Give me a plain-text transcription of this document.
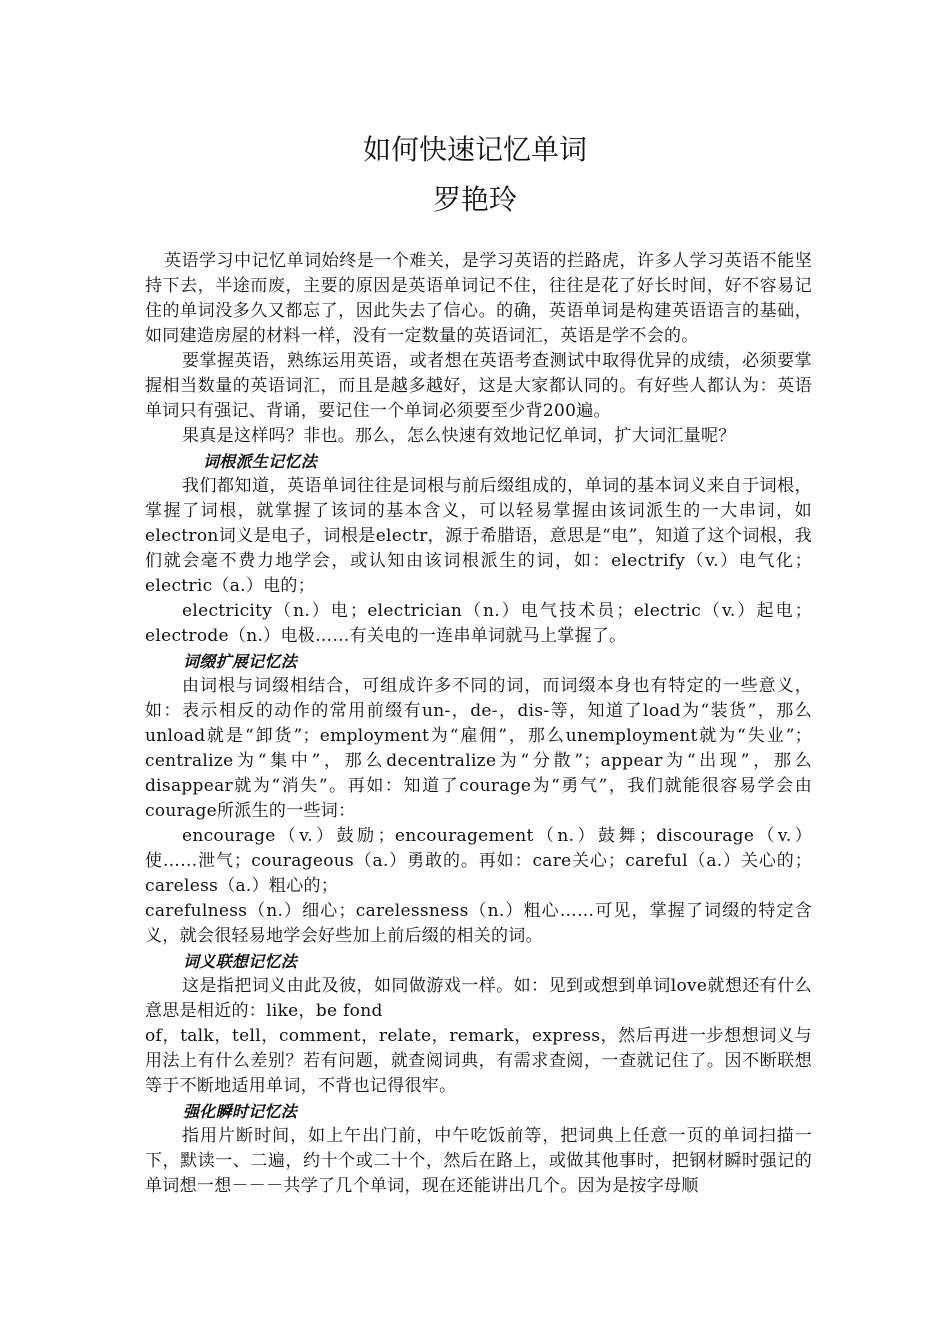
如何快速记忆单词
罗艳玲

英语学习中记忆单词始终是一个难关，是学习英语的拦路虎，许多人学习英语不能坚持下去，半途而废，主要的原因是英语单词记不住，往往是花了好长时间，好不容易记住的单词没多久又都忘了，因此失去了信心。的确，英语单词是构建英语语言的基础，如同建造房屋的材料一样，没有一定数量的英语词汇，英语是学不会的。

要掌握英语，熟练运用英语，或者想在英语考查测试中取得优异的成绩，必须要掌握相当数量的英语词汇，而且是越多越好，这是大家都认同的。有好些人都认为：英语单词只有强记、背诵，要记住一个单词必须要至少背200遍。

果真是这样吗？非也。那么，怎么快速有效地记忆单词，扩大词汇量呢？

词根派生记忆法

我们都知道，英语单词往往是词根与前后缀组成的，单词的基本词义来自于词根，掌握了词根，就掌握了该词的基本含义，可以轻易掌握由该词派生的一大串词，如electron词义是电子，词根是electr，源于希腊语，意思是“电”，知道了这个词根，我们就会毫不费力地学会，或认知由该词根派生的词，如：electrify（v.）电气化；electric（a.）电的；

electricity（n.）电；electrician（n.）电气技术员；electric（v.）起电；electrode（n.）电极……有关电的一连串单词就马上掌握了。

词缀扩展记忆法

由词根与词缀相结合，可组成许多不同的词，而词缀本身也有特定的一些意义，如：表示相反的动作的常用前缀有un-，de-，dis-等，知道了load为“装货”，那么unload就是“卸货”；employment为“雇佣”，那么unemployment就为“失业”；centralize为“集中”，那么decentralize为“分散”；appear为“出现”，那么disappear就为“消失”。再如：知道了courage为“勇气”，我们就能很容易学会由courage所派生的一些词：

encourage（v.）鼓励；encouragement（n.）鼓舞；discourage（v.）使……泄气；courageous（a.）勇敢的。再如：care关心；careful（a.）关心的；careless（a.）粗心的；

carefulness（n.）细心；carelessness（n.）粗心……可见，掌握了词缀的特定含义，就会很轻易地学会好些加上前后缀的相关的词。

词义联想记忆法

这是指把词义由此及彼，如同做游戏一样。如：见到或想到单词love就想还有什么意思是相近的：like，be fond

of，talk，tell，comment，relate，remark，express，然后再进一步想想词义与用法上有什么差别？若有问题，就查阅词典，有需求查阅，一查就记住了。因不断联想等于不断地适用单词，不背也记得很牢。

强化瞬时记忆法

指用片断时间，如上午出门前，中午吃饭前等，把词典上任意一页的单词扫描一下，默读一、二遍，约十个或二十个，然后在路上，或做其他事时，把钢材瞬时强记的单词想一想－－－共学了几个单词，现在还能讲出几个。因为是按字母顺
